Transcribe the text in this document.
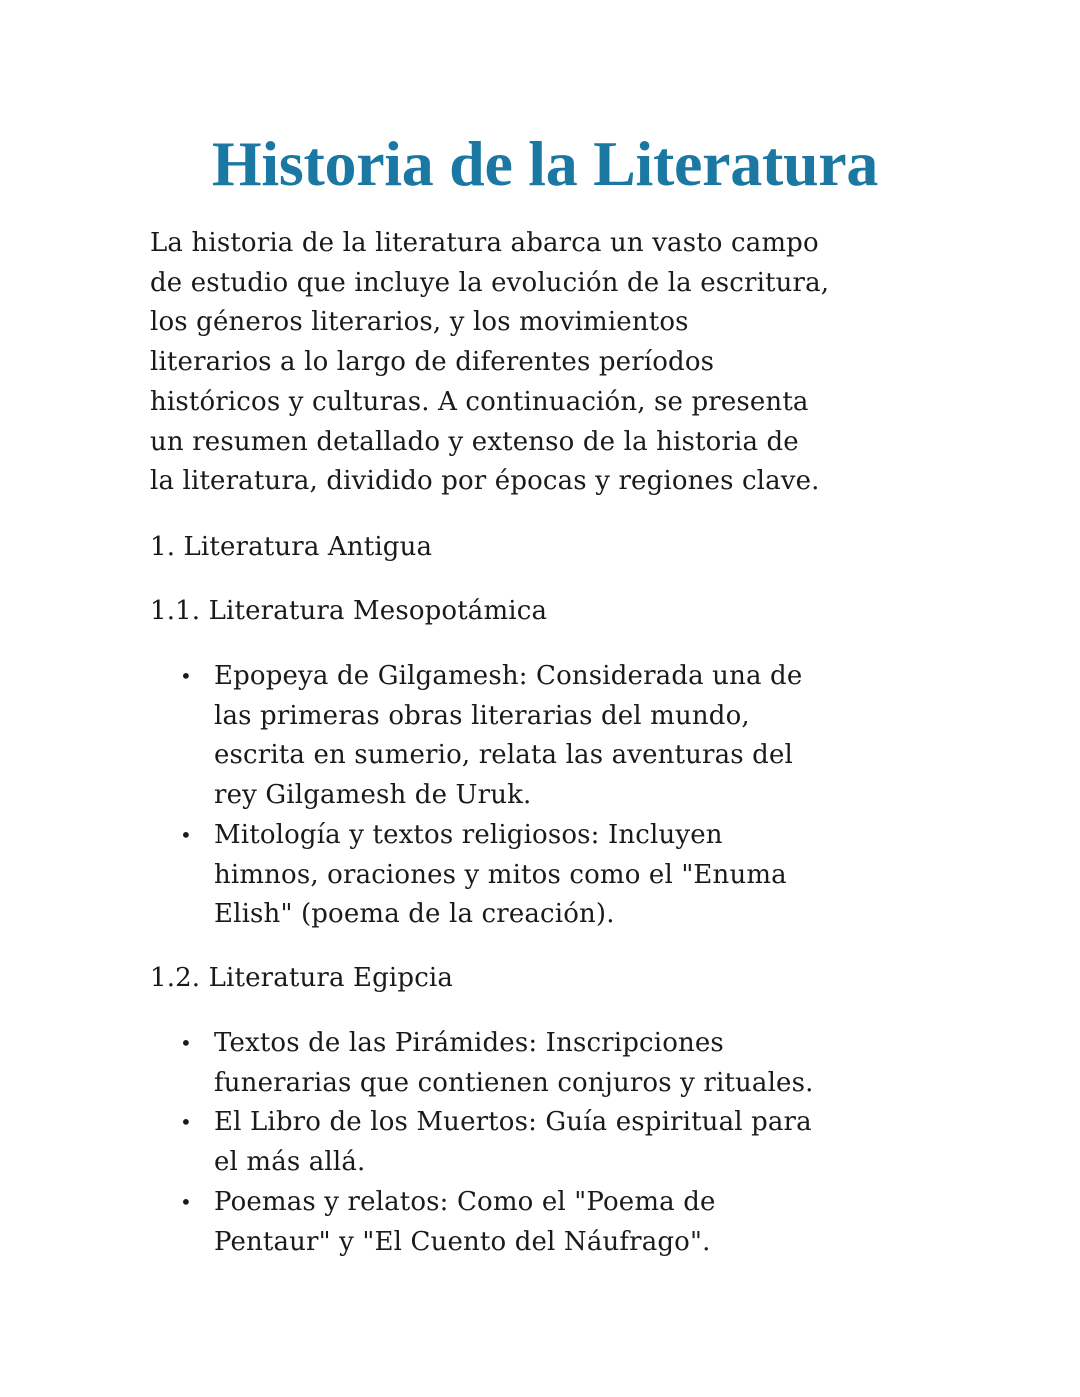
Historia de la Literatura

La historia de la literatura abarca un vasto campo
de estudio que incluye la evolución de la escritura,
los géneros literarios, y los movimientos
literarios a lo largo de diferentes períodos
históricos y culturas. A continuación, se presenta
un resumen detallado y extenso de la historia de
la literatura, dividido por épocas y regiones clave.

1. Literatura Antigua
1.1. Literatura Mesopotámica
• Epopeya de Gilgamesh: Considerada una de
las primeras obras literarias del mundo,
escrita en sumerio, relata las aventuras del
rey Gilgamesh de Uruk.
• Mitología y textos religiosos: Incluyen
himnos, oraciones y mitos como el "Enuma
Elish" (poema de la creación).
1.2. Literatura Egipcia
• Textos de las Pirámides: Inscripciones
funerarias que contienen conjuros y rituales.
• El Libro de los Muertos: Guía espiritual para
el más allá.
• Poemas y relatos: Como el "Poema de
Pentaur" y "El Cuento del Náufrago".
